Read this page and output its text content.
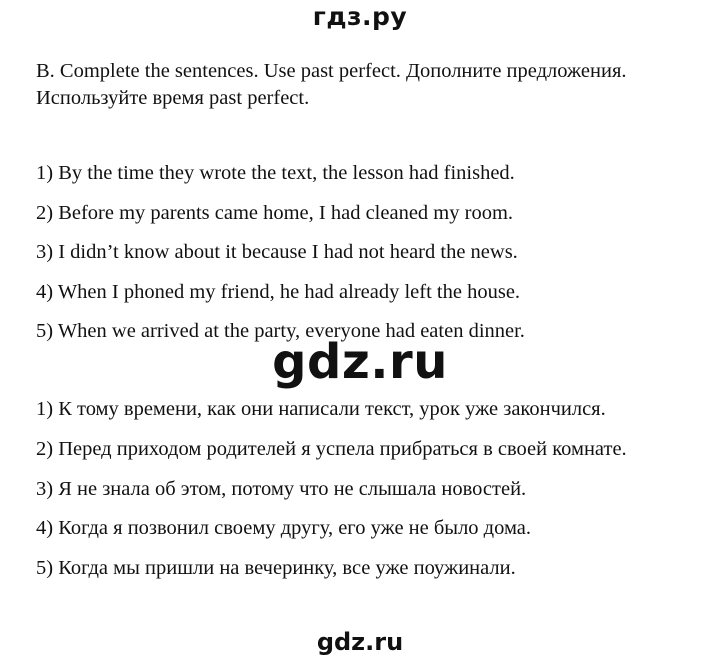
гдз.ру
B. Complete the sentences. Use past perfect. Дополните предложения.
Используйте время past perfect.
1) By the time they wrote the text, the lesson had finished.
2) Before my parents came home, I had cleaned my room.
3) I didn’t know about it because I had not heard the news.
4) When I phoned my friend, he had already left the house.
5) When we arrived at the party, everyone had eaten dinner.
gdz.ru
1) К тому времени, как они написали текст, урок уже закончился.
2) Перед приходом родителей я успела прибраться в своей комнате.
3) Я не знала об этом, потому что не слышала новостей.
4) Когда я позвонил своему другу, его уже не было дома.
5) Когда мы пришли на вечеринку, все уже поужинали.
gdz.ru
